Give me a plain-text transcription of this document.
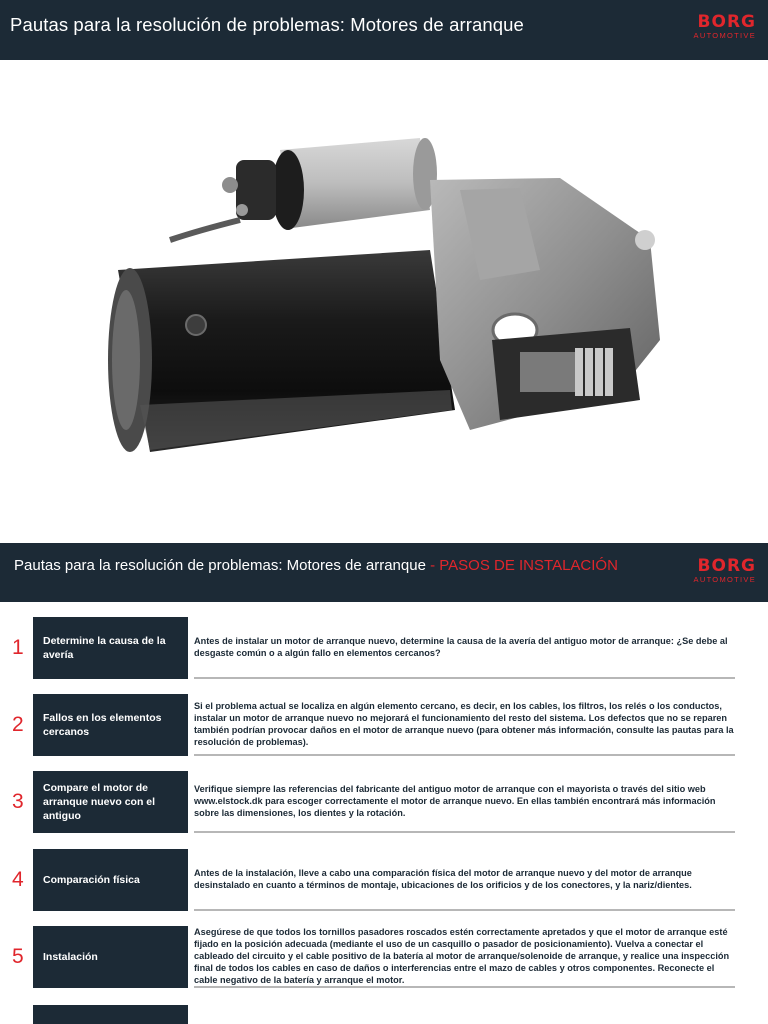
Pautas para la resolución de problemas: Motores de arranque	BORG
AUTOMOTIVE
Pautas para la resolución de problemas: Motores de arranque - PASOS DE INSTALACIÓN	BORG
AUTOMOTIVE
1	Determine la causa de la avería
Antes de instalar un motor de arranque nuevo, determine la causa de la avería del antiguo motor de arranque: ¿Se debe al desgaste común o a algún fallo en elementos cercanos?
2	Fallos en los elementos cercanos
Si el problema actual se localiza en algún elemento cercano, es decir, en los cables, los filtros, los relés o los conductos, instalar un motor de arranque nuevo no mejorará el funcionamiento del resto del sistema. Los defectos que no se reparen también podrían provocar daños en el motor de arranque nuevo (para obtener más información, consulte las pautas para la resolución de problemas).
3
Compare el motor de arranque nuevo con el antiguo
Verifique siempre las referencias del fabricante del antiguo motor de arranque con el mayorista o través del sitio web www.elstock.dk para escoger correctamente el motor de arranque nuevo. En ellas también encontrará más información sobre las dimensiones, los dientes y la rotación.
4	Comparación física
Antes de la instalación, lleve a cabo una comparación física del motor de arranque nuevo y del motor de arranque desinstalado en cuanto a términos de montaje, ubicaciones de los orificios y de los conectores, y la nariz/dientes.
5	Instalación
Asegúrese de que todos los tornillos pasadores roscados estén correctamente apretados y que el motor de arranque esté fijado en la posición adecuada (mediante el uso de un casquillo o pasador de posicionamiento). Vuelva a conectar el cableado del circuito y el cable positivo de la batería al motor de arranque/solenoide de arranque, y realice una inspección final de todos los cables en caso de daños o interferencias entre el mazo de cables y otros componentes. Reconecte el cable negativo de la batería y arranque el motor.
